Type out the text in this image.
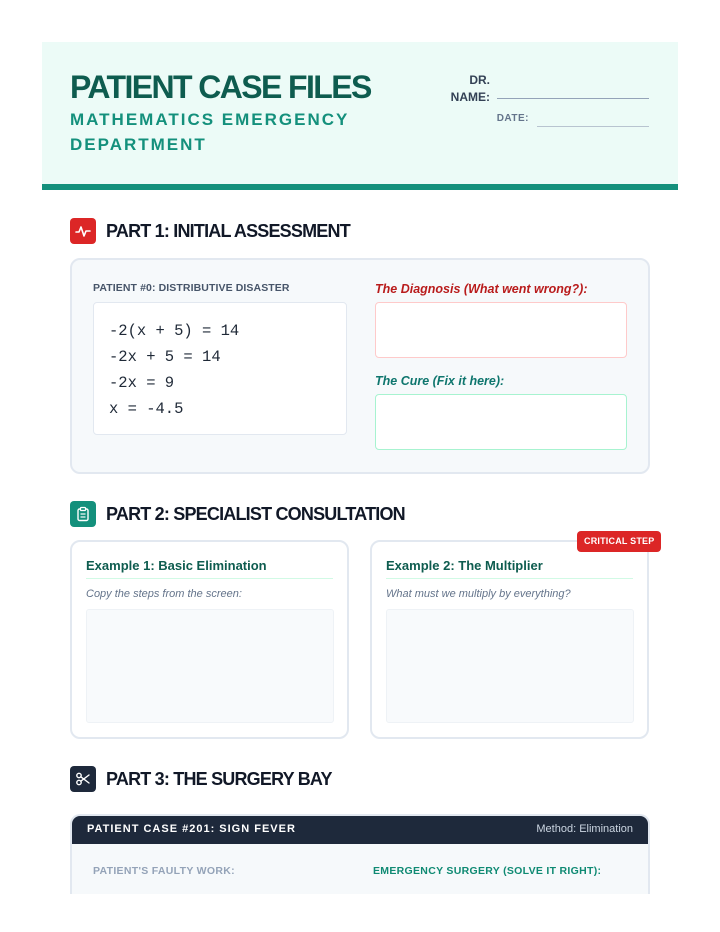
PATIENT CASE FILES
MATHEMATICS EMERGENCY DEPARTMENT
DR. NAME:
DATE:
PART 1: INITIAL ASSESSMENT
PATIENT #0: DISTRIBUTIVE DISASTER
-2(x + 5) = 14
-2x + 5 = 14
-2x = 9
x = -4.5
The Diagnosis (What went wrong?):
The Cure (Fix it here):
PART 2: SPECIALIST CONSULTATION
Example 1: Basic Elimination
Copy the steps from the screen:
Example 2: The Multiplier
What must we multiply by everything?
CRITICAL STEP
PART 3: THE SURGERY BAY
PATIENT CASE #201: SIGN FEVER	Method: Elimination
PATIENT'S FAULTY WORK:	EMERGENCY SURGERY (SOLVE IT RIGHT):
